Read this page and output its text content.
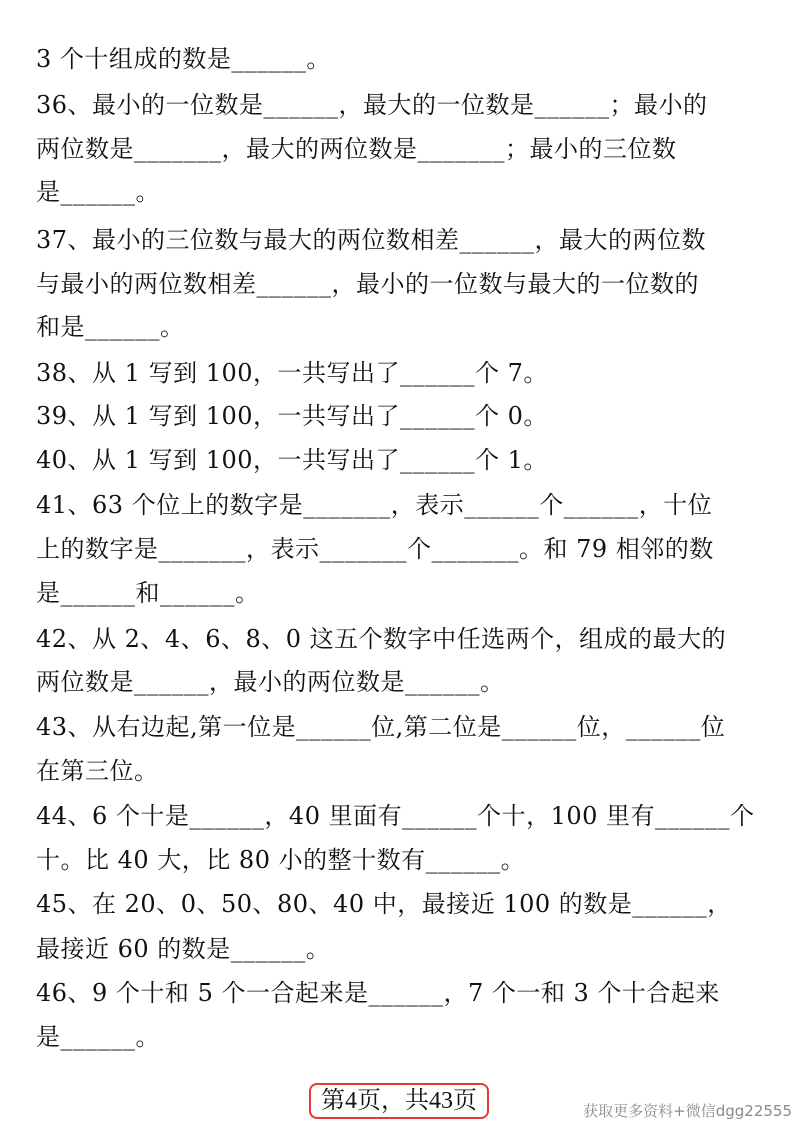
3 个十组成的数是______。
36、最小的一位数是______，最大的一位数是______；最小的
两位数是_______，最大的两位数是_______；最小的三位数
是______。
37、最小的三位数与最大的两位数相差______，最大的两位数
与最小的两位数相差______，最小的一位数与最大的一位数的
和是______。
38、从 1 写到 100，一共写出了______个 7。
39、从 1 写到 100，一共写出了______个 0。
40、从 1 写到 100，一共写出了______个 1。
41、63 个位上的数字是_______，表示______个______，十位
上的数字是_______，表示_______个_______。和 79 相邻的数
是______和______。
42、从 2、4、6、8、0 这五个数字中任选两个，组成的最大的
两位数是______，最小的两位数是______。
43、从右边起,第一位是______位,第二位是______位，______位
在第三位。
44、6 个十是______，40 里面有______个十，100 里有______个
十。比 40 大，比 80 小的整十数有______。
45、在 20、0、50、80、40 中，最接近 100 的数是______，
最接近 60 的数是______。
46、9 个十和 5 个一合起来是______，7 个一和 3 个十合起来
是______。
第4页，共43页	获取更多资料+微信dgg22555
